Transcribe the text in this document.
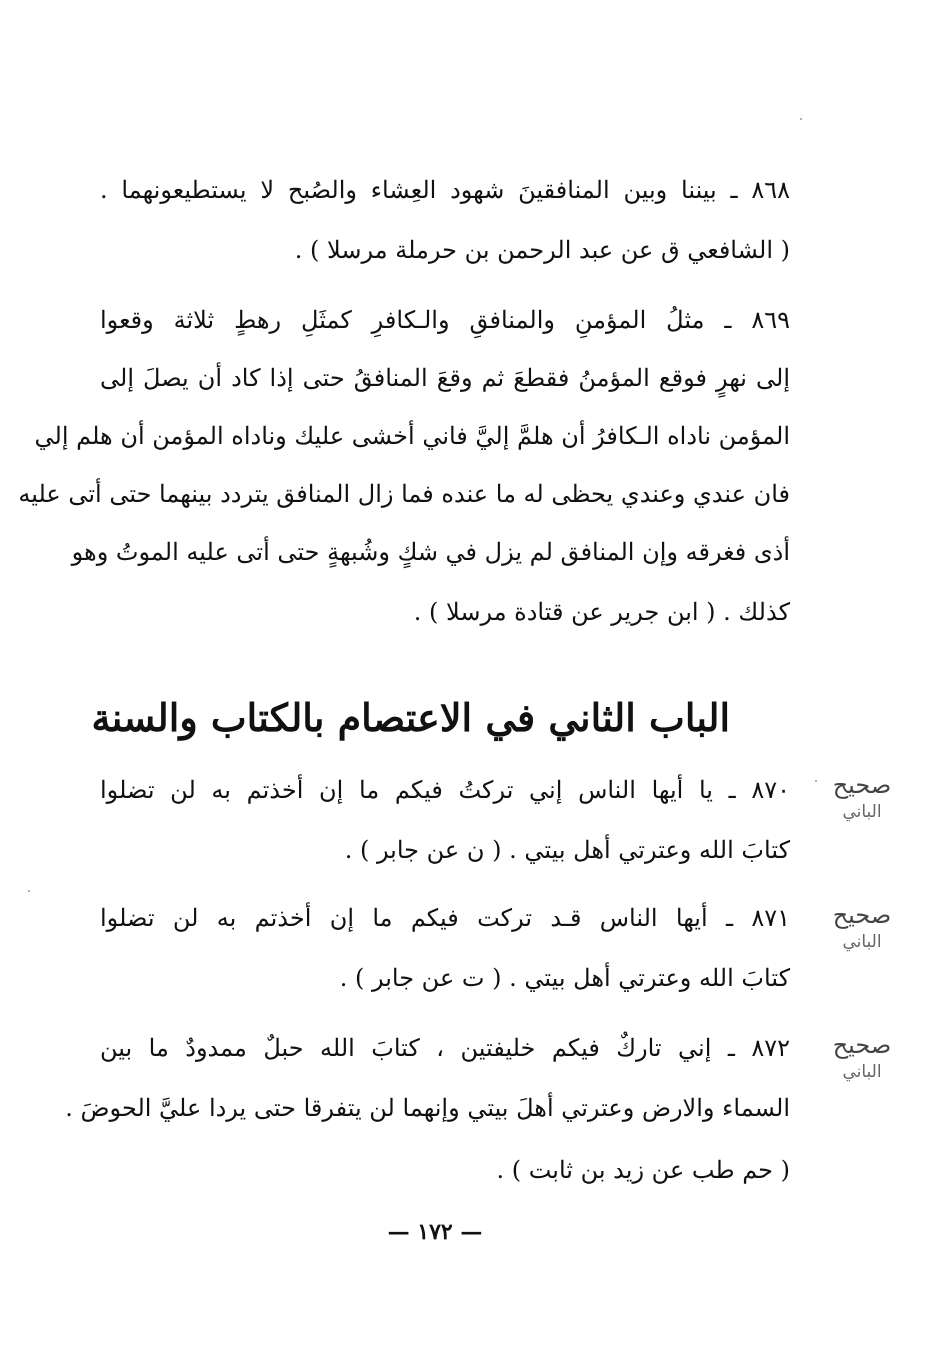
٨٦٨ ـ بيننا وبين المنافقينَ شهود العِشاء والصُبح لا يستطيعونهما .
( الشافعي ق عن عبد الرحمن بن حرملة مرسلا ) .
٨٦٩ ـ مثلُ المؤمنِ والمنافقِ والـكافرِ كمثَلِ رهطٍ ثلاثة وقعوا
إلى نهرٍ فوقع المؤمنُ فقطعَ ثم وقعَ المنافقُ حتى إذا كاد أن يصلَ إلى
المؤمن ناداه الـكافرُ أن هلمَّ إليَّ فاني أخشى عليك وناداه المؤمن أن هلم إلي
فان عندي وعندي يحظى له ما عنده فما زال المنافق يتردد بينهما حتى أتى عليه
أذى فغرقه وإن المنافق لم يزل في شكٍ وشُبهةٍ حتى أتى عليه الموتُ وهو
كذلك . ( ابن جرير عن قتادة مرسلا ) .
الباب الثاني في الاعتصام بالكتاب والسنة
٨٧٠ ـ يا أيها الناس إني تركتُ فيكم ما إن أخذتم به لن تضلوا
كتابَ الله وعترتي أهل بيتي . ( ن عن جابر ) .
صحيح
الباني
٨٧١ ـ أيها الناس قـد تركت فيكم ما إن أخذتم به لن تضلوا
كتابَ الله وعترتي أهل بيتي . ( ت عن جابر ) .
صحيح
الباني
٨٧٢ ـ إني تاركٌ فيكم خليفتين ، كتابَ الله حبلٌ ممدودٌ ما بين
السماء والارض وعترتي أهلَ بيتي وإنهما لن يتفرقا حتى يردا عليَّ الحوضَ .
( حم طب عن زيد بن ثابت ) .
صحيح
الباني
— ١٧٢ —
